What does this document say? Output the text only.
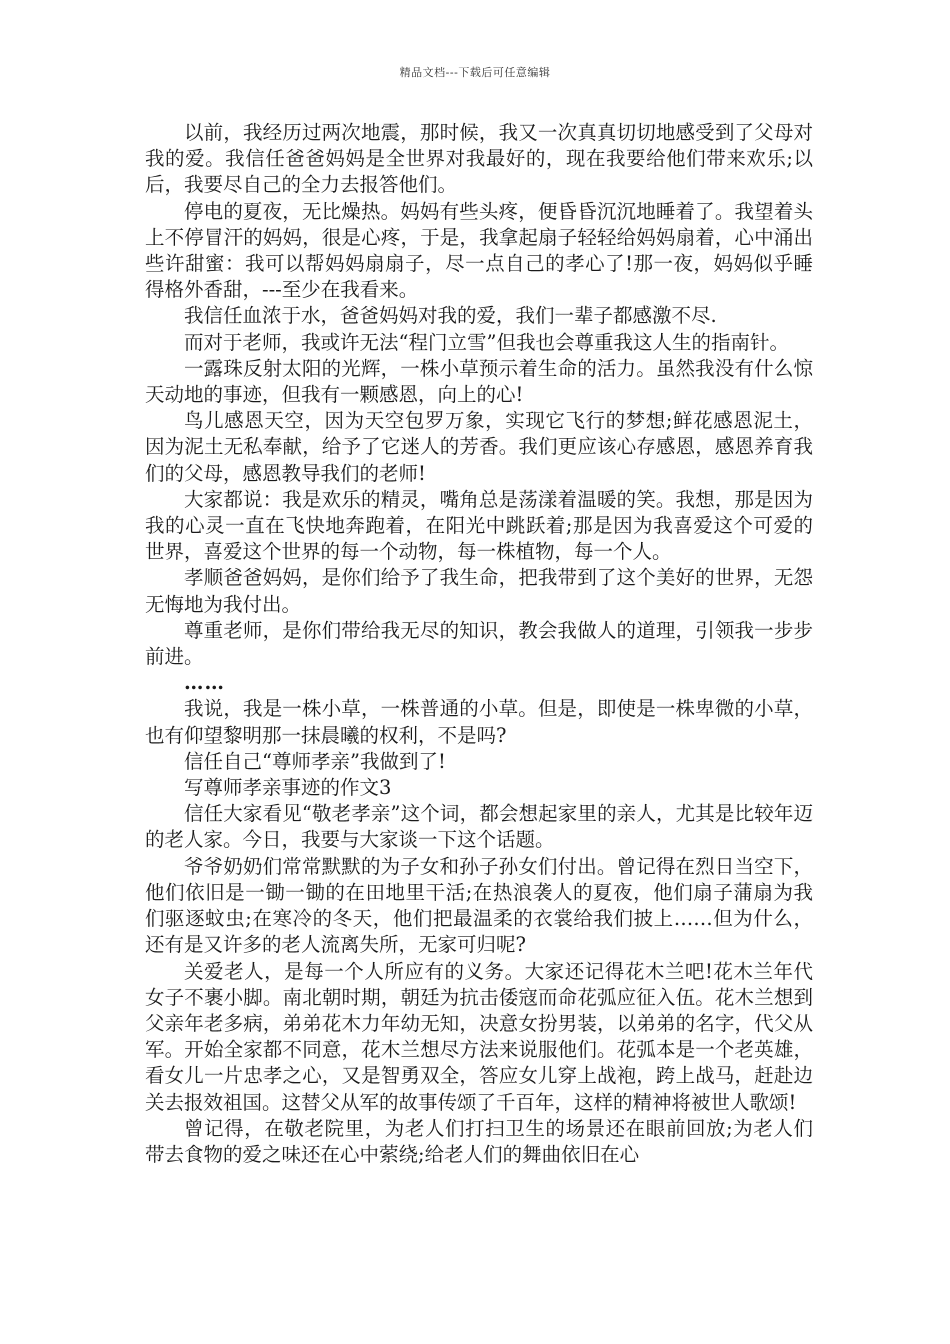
精品文档---下载后可任意编辑

以前，我经历过两次地震，那时候，我又一次真真切切地感受到了父母对我的爱。我信任爸爸妈妈是全世界对我最好的，现在我要给他们带来欢乐;以后，我要尽自己的全力去报答他们。

停电的夏夜，无比燥热。妈妈有些头疼，便昏昏沉沉地睡着了。我望着头上不停冒汗的妈妈，很是心疼，于是，我拿起扇子轻轻给妈妈扇着，心中涌出些许甜蜜：我可以帮妈妈扇扇子，尽一点自己的孝心了!那一夜，妈妈似乎睡得格外香甜，---至少在我看来。

我信任血浓于水，爸爸妈妈对我的爱，我们一辈子都感激不尽.

而对于老师，我或许无法“程门立雪”但我也会尊重我这人生的指南针。

一露珠反射太阳的光辉，一株小草预示着生命的活力。虽然我没有什么惊天动地的事迹，但我有一颗感恩，向上的心!

鸟儿感恩天空，因为天空包罗万象，实现它飞行的梦想;鲜花感恩泥土，因为泥土无私奉献，给予了它迷人的芳香。我们更应该心存感恩，感恩养育我们的父母，感恩教导我们的老师!

大家都说：我是欢乐的精灵，嘴角总是荡漾着温暖的笑。我想，那是因为我的心灵一直在飞快地奔跑着，在阳光中跳跃着;那是因为我喜爱这个可爱的世界，喜爱这个世界的每一个动物，每一株植物，每一个人。

孝顺爸爸妈妈，是你们给予了我生命，把我带到了这个美好的世界，无怨无悔地为我付出。

尊重老师，是你们带给我无尽的知识，教会我做人的道理，引领我一步步前进。

……

我说，我是一株小草，一株普通的小草。但是，即使是一株卑微的小草，也有仰望黎明那一抹晨曦的权利，不是吗?

信任自己“尊师孝亲”我做到了!

写尊师孝亲事迹的作文3

信任大家看见“敬老孝亲”这个词，都会想起家里的亲人，尤其是比较年迈的老人家。今日，我要与大家谈一下这个话题。

爷爷奶奶们常常默默的为子女和孙子孙女们付出。曾记得在烈日当空下，他们依旧是一锄一锄的在田地里干活;在热浪袭人的夏夜，他们扇子蒲扇为我们驱逐蚊虫;在寒冷的冬天，他们把最温柔的衣裳给我们披上……但为什么，还有是又许多的老人流离失所，无家可归呢?

关爱老人，是每一个人所应有的义务。大家还记得花木兰吧!花木兰年代女子不裹小脚。南北朝时期，朝廷为抗击倭寇而命花弧应征入伍。花木兰想到父亲年老多病，弟弟花木力年幼无知，决意女扮男装，以弟弟的名字，代父从军。开始全家都不同意，花木兰想尽方法来说服他们。花弧本是一个老英雄，看女儿一片忠孝之心，又是智勇双全，答应女儿穿上战袍，跨上战马，赶赴边关去报效祖国。这替父从军的故事传颂了千百年，这样的精神将被世人歌颂!

曾记得，在敬老院里，为老人们打扫卫生的场景还在眼前回放;为老人们带去食物的爱之味还在心中萦绕;给老人们的舞曲依旧在心
